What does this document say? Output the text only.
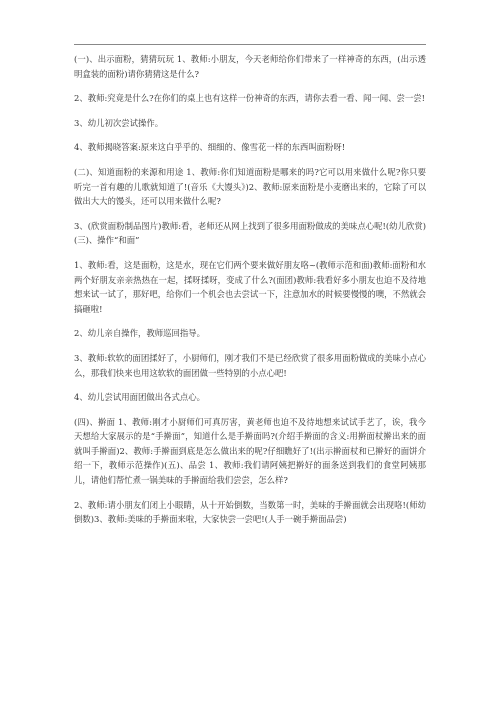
(一)、出示面粉，猜猜玩玩 1、教师:小朋友，今天老师给你们带来了一样神奇的东西，(出示透明盒装的面粉)请你猜猜这是什么?

2、教师:究竟是什么?在你们的桌上也有这样一份神奇的东西，请你去看一看、闻一闻、尝一尝!

3、幼儿初次尝试操作。

4、教师揭晓答案:原来这白乎乎的、细细的、像雪花一样的东西叫面粉呀!

(二)、知道面粉的来源和用途 1、教师:你们知道面粉是哪来的吗?它可以用来做什么呢?你只要听完一首有趣的儿歌就知道了!(音乐《大馒头》)2、教师:原来面粉是小麦磨出来的，它除了可以做出大大的馒头，还可以用来做什么呢?

3、(欣赏面粉制品图片)教师:看，老师还从网上找到了很多用面粉做成的美味点心呢!(幼儿欣赏)(三)、操作“和面”

1、教师:看，这是面粉，这是水，现在它们两个要来做好朋友咯~(教师示范和面)教师:面粉和水两个好朋友亲亲热热在一起，揉呀揉呀，变成了什么?(面团)教师:我看好多小朋友也迫不及待地想来试一试了，那好吧，给你们一个机会也去尝试一下，注意加水的时候要慢慢的噢，不然就会搞砸啦!

2、幼儿亲自操作，教师巡回指导。

3、教师:软软的面团揉好了，小厨师们，刚才我们不是已经欣赏了很多用面粉做成的美味小点心么，那我们快来也用这软软的面团做一些特别的小点心吧!

4、幼儿尝试用面团做出各式点心。

(四)、擀面 1、教师:刚才小厨师们可真厉害，黄老师也迫不及待地想来试试手艺了，诶，我今天想给大家展示的是“手擀面”，知道什么是手擀面吗?(介绍手擀面的含义:用擀面杖擀出来的面就叫手擀面)2、教师:手擀面到底是怎么做出来的呢?仔细瞧好了!(出示擀面杖和已擀好的面饼介绍一下，教师示范操作)(五)、品尝 1、教师:我们请阿姨把擀好的面条送到我们的食堂阿姨那儿，请他们帮忙煮一锅美味的手擀面给我们尝尝，怎么样?

2、教师:请小朋友们闭上小眼睛，从十开始倒数，当数第一时，美味的手擀面就会出现咯!(师幼倒数)3、教师:美味的手擀面来啦，大家快尝一尝吧!(人手一碗手擀面品尝)
